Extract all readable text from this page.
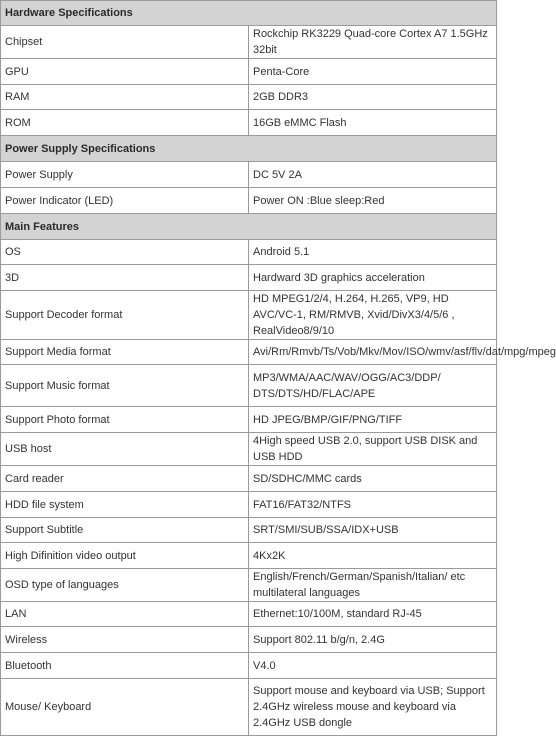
Hardware Specifications	
Chipset	Rockchip RK3229 Quad-core Cortex A7 1.5GHz 32bit
GPU	Penta-Core
RAM	2GB DDR3
ROM	16GB eMMC Flash
Power Supply Specifications	
Power Supply	DC 5V 2A
Power Indicator (LED)	Power ON :Blue sleep:Red
Main Features	
OS	Android 5.1
3D	Hardward 3D graphics acceleration
Support Decoder format	HD MPEG1/2/4, H.264, H.265, VP9, HD AVC/VC-1, RM/RMVB, Xvid/DivX3/4/5/6 , RealVideo8/9/10
Support Media format	Avi/Rm/Rmvb/Ts/Vob/Mkv/Mov/ISO/wmv/asf/flv/dat/mpg/mpeg
Support Music format	MP3/WMA/AAC/WAV/OGG/AC3/DDP/ DTS/DTS/HD/FLAC/APE
Support Photo format	HD JPEG/BMP/GIF/PNG/TIFF
USB host	4High speed USB 2.0, support USB DISK and USB HDD
Card reader	SD/SDHC/MMC cards
HDD file system	FAT16/FAT32/NTFS
Support Subtitle	SRT/SMI/SUB/SSA/IDX+USB
High Difinition video output	4Kx2K
OSD type of languages	English/French/German/Spanish/Italian/ etc multilateral languages
LAN	Ethernet:10/100M, standard RJ-45
Wireless	Support 802.11 b/g/n, 2.4G
Bluetooth	V4.0
Mouse/ Keyboard	Support mouse and keyboard via USB; Support 2.4GHz wireless mouse and keyboard via 2.4GHz USB dongle
